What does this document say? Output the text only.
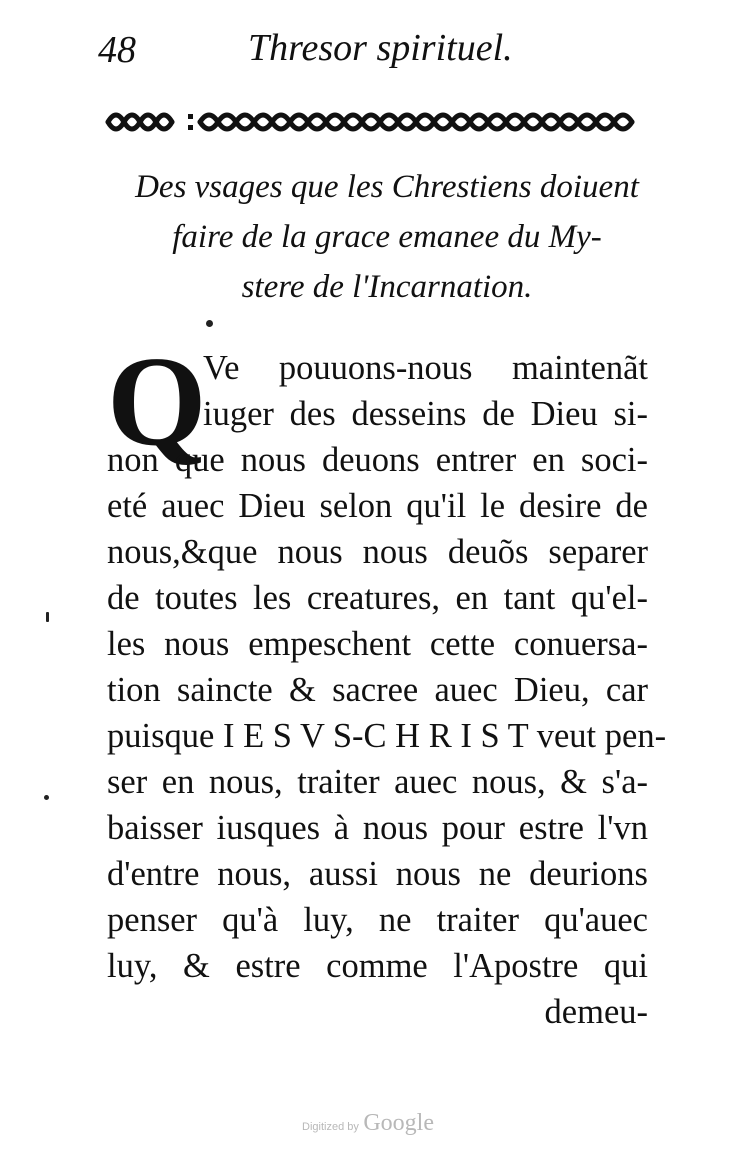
48	Thresor spirituel.
Des vsages que les Chrestiens doiuent
faire de la grace emanee du My-
stere de l'Incarnation.
Q
Ve pouuons-nous maintenãt
iuger des desseins de Dieu si-
non que nous deuons entrer en soci-
eté auec Dieu selon qu'il le desire de
nous,&que nous nous deuõs separer
de toutes les creatures, en tant qu'el-
les nous empeschent cette conuersa-
tion saincte & sacree auec Dieu, car
puisque I E S V S-C H R I S T veut pen-
ser en nous, traiter auec nous, & s'a-
baisser iusques à nous pour estre l'vn
d'entre nous, aussi nous ne deurions
penser qu'à luy, ne traiter qu'auec
luy, & estre comme l'Apostre qui
demeu-
Digitized by Google
